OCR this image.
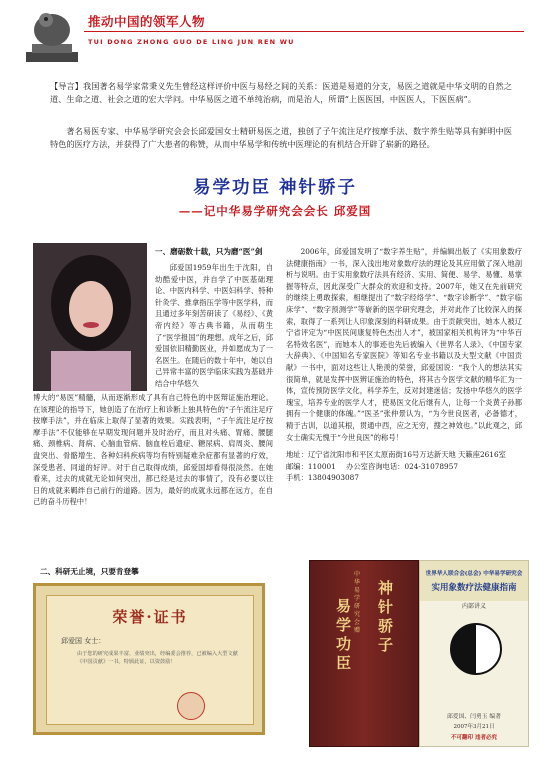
推动中国的领军人物
TUI DONG ZHONG GUO DE LING JUN REN WU
【导言】我国著名易学家常秉义先生曾经这样评价中医与易经之间的关系：医道是易道的分支，易医之道就是中华文明的自然之道、生命之道、社会之道的宏大学问。中华易医之道不单纯治病，而是治人，所谓“上医医国，中医医人，下医医病”。
著名易医专家、中华易学研究会会长邱爱国女士精研易医之道，独创了子午流注足疗按摩手法、数字养生贴等具有鲜明中医特色的医疗方法，并获得了广大患者的称赞，从而中华易学和传统中医理论的有机结合开辟了崭新的路径。
易学功臣 神针骄子
——记中华易学研究会会长 邱爱国
一、磨砺数十载，只为磨“医”剑
邱爱国1959年出生于沈阳，自幼酷爱中医，并自学了中医基础理论、中医内科学、中医妇科学、特种针灸学、推拿指压学等中医学科，而且通过多年刻苦研读了《易经》、《黄帝内经》等古典书籍，从而萌生了“医学报国”的理想。成年之后，邱爱国依旧精勤医业，并如愿成为了一名医生。在随后的数十年中，她以自己异常丰富的医学临床实践为基础并结合中华悠久
博大的“易医”精髓，从而逐渐形成了具有自己特色的中医辩证施治理论。在该理论的指导下，她创造了在治疗上和诊断上独具特色的“子午流注足疗按摩手法”，并在临床上取得了显著的效果。实践表明，“子午流注足疗按摩手法”不仅能够在早期发现问题并及时治疗，而且对头痛、胃痛、腰腿痛、颈椎病、肾病、心脑血管病、脑血栓后遗症、糖尿病、肩周炎、腰间盘突出、骨骼增生、各种妇科疾病等均有特别疑难杂症都有显著的疗效，深受患者、同道的好评。对于自己取得成绩，邱爱国却看得很淡然。在她看来，过去的成就无论如何突出，都已经是过去的事情了，没有必要以往日的成就来羁绊自己前行的道路。因为，最好的成就永远都在远方，在自己的奋斗历程中！
二、科研无止境，只要肯登攀
2006年，邱爱国发明了“数字养生贴”，并编辑出版了《实用象数疗法健康指南》一书，深入浅出地对象数疗法的理论及其应用做了深入地剖析与说明。由于实用象数疗法具有经济、实用、简便、易学、易懂、易掌握等特点，因此深受广大群众的欢迎和支持。2007年，她又在先前研究的继续上勇敢探索，相继提出了“数字经络学”、“数字诊断学”、“数字临床学”、“数字预测学”等崭新的医学研究理念，并对此作了比较深入的探索，取得了一系列让人印象深刻的科研成果。由于贡献突出，她本人被辽宁省评定为“中医民间康复特色杰出人才”，被国家相关机构评为“中华百名特效名医”，而她本人的事迹也先后被编入《世界名人录》、《中国专家大辞典》、《中国知名专家医院》等知名专业书籍以及大型文献《中国贡献》一书中，面对这些让人艳羡的荣誉，邱爱国说：“我个人的想法其实很简单，就是发挥中医辨证施治的特色，将其古今医学文献的精华汇为一体，宣传预防医学文化，科学养生，反对封建迷信；发扬中华悠久的医学瑰宝，培养专业的医学人才，使易医文化后继有人，让每一个炎黄子孙都拥有一个健康的体魄。”“医圣”张仲景认为，“为今世良医者，必备德才，精于古训，以道其根，贯通中西，应之无穷，搜之神效也。”以此观之，邱女士确实无愧于“今世良医”的称号！
地址：辽宁省沈阳市和平区太原南街16号万达新天地 天籁座2616室
邮编：110001 办公室咨询电话：024-31078957
手机：13804903087
荣誉·证书
邱爱国 女士：
由于您的研究成果丰富、业绩突出，经编委会推荐，已被编入大型文献《中国贡献》一书。特颁此证，以资鼓励！
中华易学研究会赠
神针骄子
易学功臣
世界华人联合会(总会) 中华易学研究会
实用象数疗法健康指南
内部讲义
邱爱国、闫勇玉 编著
2007年3月21日
不可翻印 违者必究
